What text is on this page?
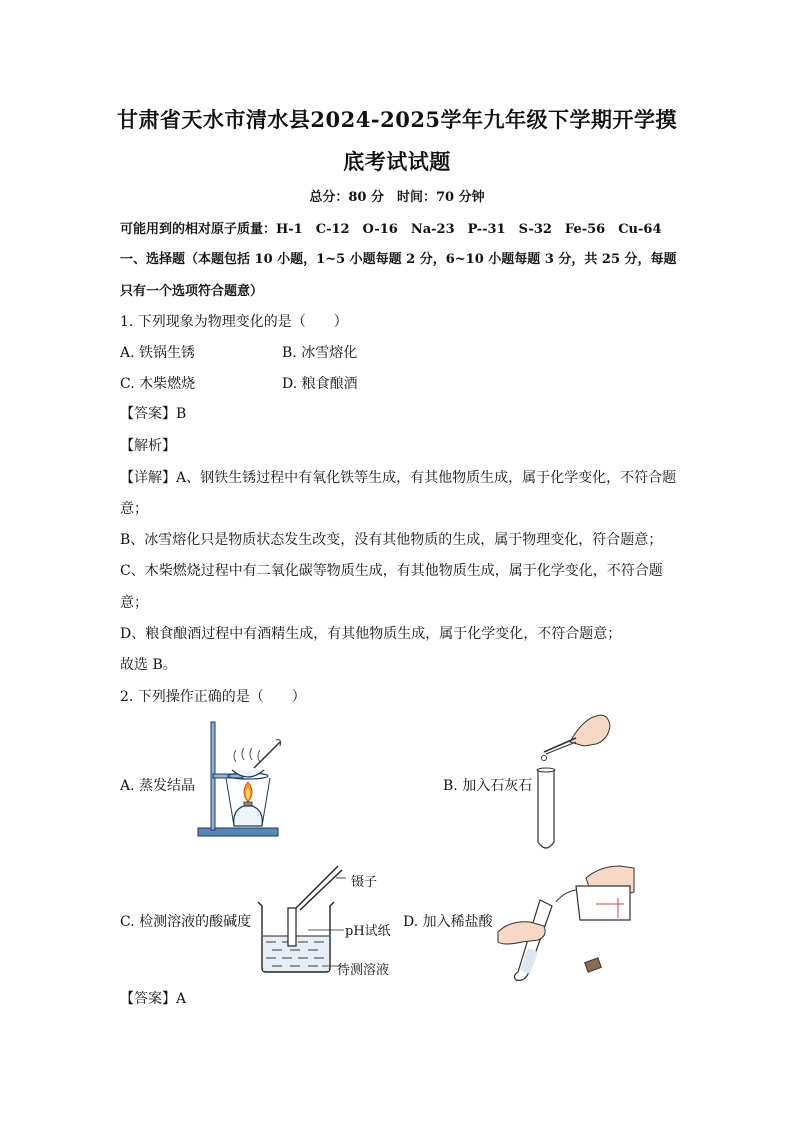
甘肃省天水市清水县2024-2025学年九年级下学期开学摸
底考试试题
总分：80 分　时间：70 分钟
可能用到的相对原子质量：H-1　C-12　O-16　Na-23　P--31　S-32　Fe-56　Cu-64
一、选择题（本题包括 10 小题，1~5 小题每题 2 分，6~10 小题每题 3 分，共 25 分，每题
只有一个选项符合题意）
1. 下列现象为物理变化的是（　　）
A. 铁锅生锈	B. 冰雪熔化
C. 木柴燃烧	D. 粮食酿酒
【答案】B
【解析】
【详解】A、钢铁生锈过程中有氧化铁等生成，有其他物质生成，属于化学变化，不符合题
意；
B、冰雪熔化只是物质状态发生改变，没有其他物质的生成，属于物理变化，符合题意；
C、木柴燃烧过程中有二氧化碳等物质生成，有其他物质生成，属于化学变化，不符合题
意；
D、粮食酿酒过程中有酒精生成，有其他物质生成，属于化学变化，不符合题意；
故选 B。
2. 下列操作正确的是（　　）
A. 蒸发结晶	B. 加入石灰石
C. 检测溶液的酸碱度
镊子
pH试纸
待测溶液
D. 加入稀盐酸
【答案】A
